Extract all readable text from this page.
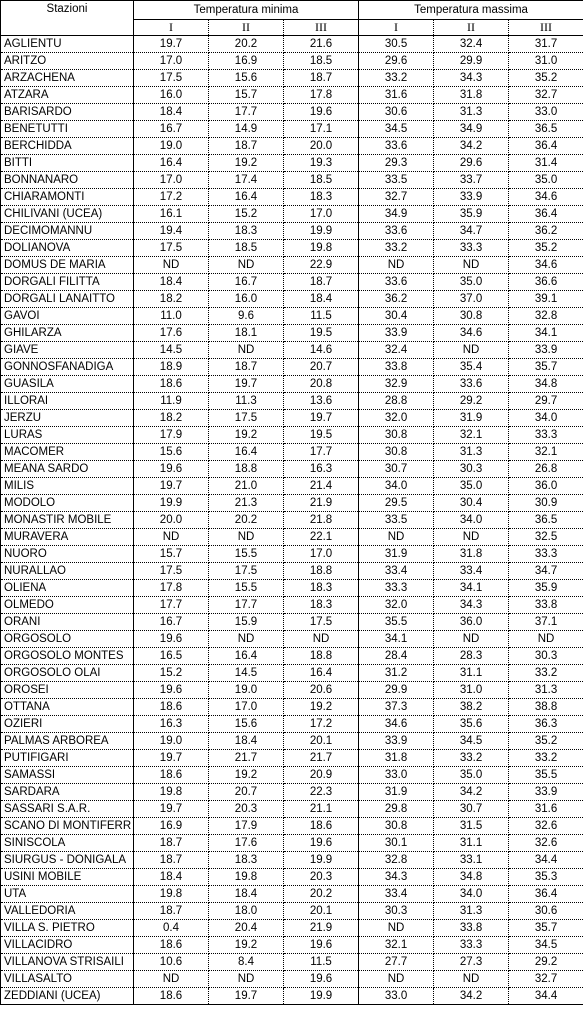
Stazioni	Temperatura minima			Temperatura massima		
	I	II	III	I	II	III
AGLIENTU	19.7	20.2	21.6	30.5	32.4	31.7
ARITZO	17.0	16.9	18.5	29.6	29.9	31.0
ARZACHENA	17.5	15.6	18.7	33.2	34.3	35.2
ATZARA	16.0	15.7	17.8	31.6	31.8	32.7
BARISARDO	18.4	17.7	19.6	30.6	31.3	33.0
BENETUTTI	16.7	14.9	17.1	34.5	34.9	36.5
BERCHIDDA	19.0	18.7	20.0	33.6	34.2	36.4
BITTI	16.4	19.2	19.3	29.3	29.6	31.4
BONNANARO	17.0	17.4	18.5	33.5	33.7	35.0
CHIARAMONTI	17.2	16.4	18.3	32.7	33.9	34.6
CHILIVANI (UCEA)	16.1	15.2	17.0	34.9	35.9	36.4
DECIMOMANNU	19.4	18.3	19.9	33.6	34.7	36.2
DOLIANOVA	17.5	18.5	19.8	33.2	33.3	35.2
DOMUS DE MARIA	ND	ND	22.9	ND	ND	34.6
DORGALI FILITTA	18.4	16.7	18.7	33.6	35.0	36.6
DORGALI LANAITTO	18.2	16.0	18.4	36.2	37.0	39.1
GAVOI	11.0	9.6	11.5	30.4	30.8	32.8
GHILARZA	17.6	18.1	19.5	33.9	34.6	34.1
GIAVE	14.5	ND	14.6	32.4	ND	33.9
GONNOSFANADIGA	18.9	18.7	20.7	33.8	35.4	35.7
GUASILA	18.6	19.7	20.8	32.9	33.6	34.8
ILLORAI	11.9	11.3	13.6	28.8	29.2	29.7
JERZU	18.2	17.5	19.7	32.0	31.9	34.0
LURAS	17.9	19.2	19.5	30.8	32.1	33.3
MACOMER	15.6	16.4	17.7	30.8	31.3	32.1
MEANA SARDO	19.6	18.8	16.3	30.7	30.3	26.8
MILIS	19.7	21.0	21.4	34.0	35.0	36.0
MODOLO	19.9	21.3	21.9	29.5	30.4	30.9
MONASTIR MOBILE	20.0	20.2	21.8	33.5	34.0	36.5
MURAVERA	ND	ND	22.1	ND	ND	32.5
NUORO	15.7	15.5	17.0	31.9	31.8	33.3
NURALLAO	17.5	17.5	18.8	33.4	33.4	34.7
OLIENA	17.8	15.5	18.3	33.3	34.1	35.9
OLMEDO	17.7	17.7	18.3	32.0	34.3	33.8
ORANI	16.7	15.9	17.5	35.5	36.0	37.1
ORGOSOLO	19.6	ND	ND	34.1	ND	ND
ORGOSOLO MONTES	16.5	16.4	18.8	28.4	28.3	30.3
ORGOSOLO OLAI	15.2	14.5	16.4	31.2	31.1	33.2
OROSEI	19.6	19.0	20.6	29.9	31.0	31.3
OTTANA	18.6	17.0	19.2	37.3	38.2	38.8
OZIERI	16.3	15.6	17.2	34.6	35.6	36.3
PALMAS ARBOREA	19.0	18.4	20.1	33.9	34.5	35.2
PUTIFIGARI	19.7	21.7	21.7	31.8	33.2	33.2
SAMASSI	18.6	19.2	20.9	33.0	35.0	35.5
SARDARA	19.8	20.7	22.3	31.9	34.2	33.9
SASSARI S.A.R.	19.7	20.3	21.1	29.8	30.7	31.6
SCANO DI MONTIFERR	16.9	17.9	18.6	30.8	31.5	32.6
SINISCOLA	18.7	17.6	19.6	30.1	31.1	32.6
SIURGUS - DONIGALA	18.7	18.3	19.9	32.8	33.1	34.4
USINI MOBILE	18.4	19.8	20.3	34.3	34.8	35.3
UTA	19.8	18.4	20.2	33.4	34.0	36.4
VALLEDORIA	18.7	18.0	20.1	30.3	31.3	30.6
VILLA S. PIETRO	0.4	20.4	21.9	ND	33.8	35.7
VILLACIDRO	18.6	19.2	19.6	32.1	33.3	34.5
VILLANOVA STRISAILI	10.6	8.4	11.5	27.7	27.3	29.2
VILLASALTO	ND	ND	19.6	ND	ND	32.7
ZEDDIANI (UCEA)	18.6	19.7	19.9	33.0	34.2	34.4
